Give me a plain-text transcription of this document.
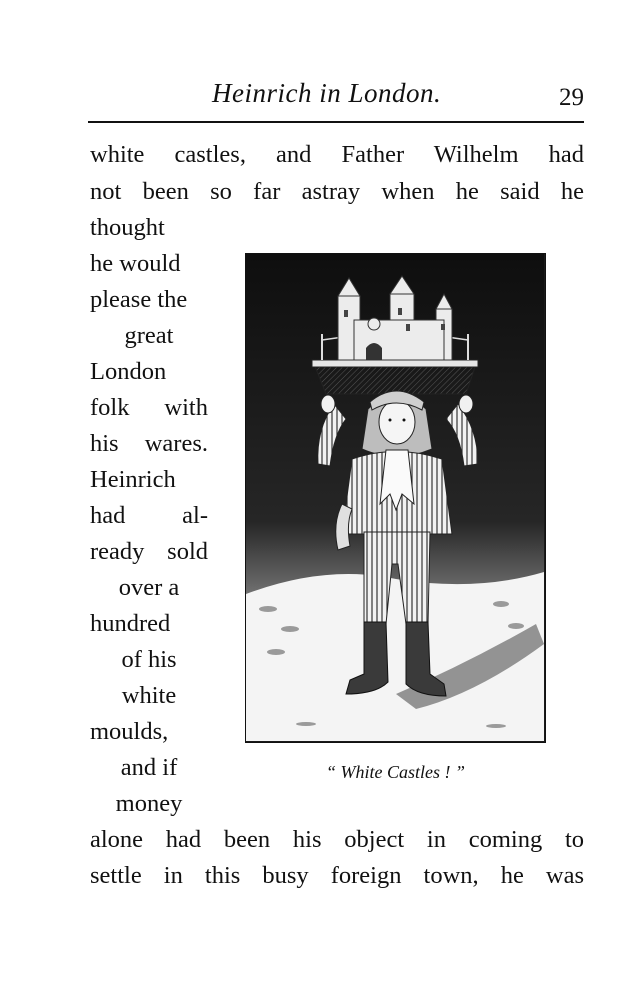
Heinrich in London.	29
white castles, and Father Wilhelm had
not been so far astray when he said he
thought
he would
please the
great
London
folk with
his wares.
Heinrich
had al-
ready sold
over a
hundred
of his
white
moulds,
and if
money
“ White Castles ! ”
alone had been his object in coming to
settle in this busy foreign town, he was
